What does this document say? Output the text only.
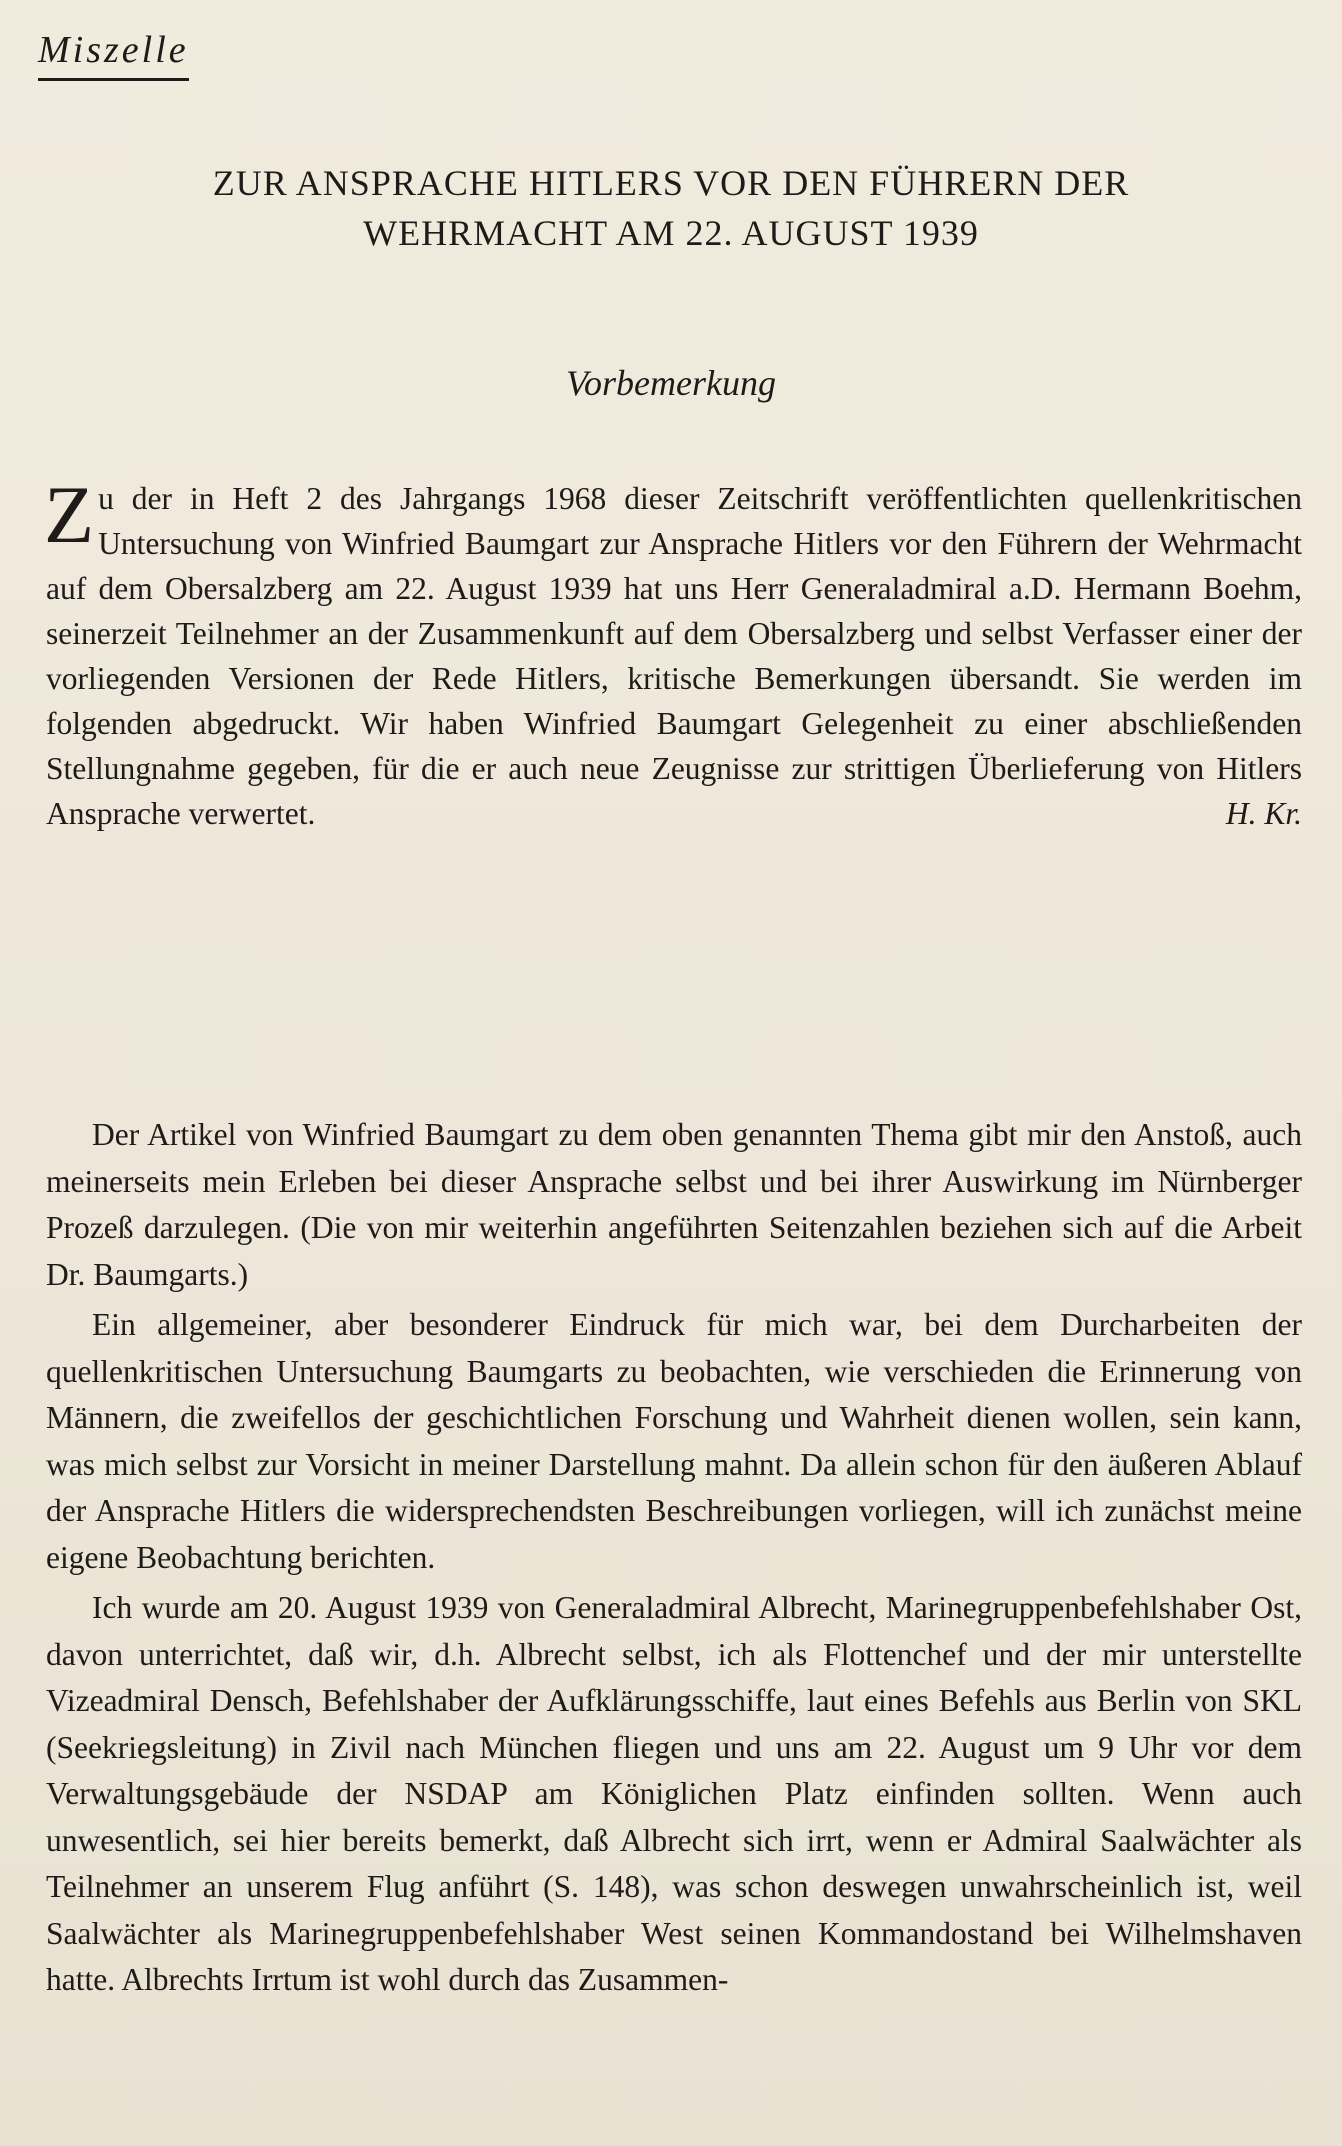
Miszelle
ZUR ANSPRACHE HITLERS VOR DEN FÜHRERN DER
WEHRMACHT AM 22. AUGUST 1939
Vorbemerkung
Z u der in Heft 2 des Jahrgangs 1968 dieser Zeitschrift veröffentlichten quellenkritischen Untersuchung von Winfried Baumgart zur Ansprache Hitlers vor den Führern der Wehrmacht auf dem Obersalzberg am 22. August 1939 hat uns Herr Generaladmiral a.D. Hermann Boehm, seinerzeit Teilnehmer an der Zusammenkunft auf dem Obersalzberg und selbst Verfasser einer der vorliegenden Versionen der Rede Hitlers, kritische Bemerkungen übersandt. Sie werden im folgenden abgedruckt. Wir haben Winfried Baumgart Gelegenheit zu einer abschließenden Stellungnahme gegeben, für die er auch neue Zeugnisse zur strittigen Überlieferung von Hitlers Ansprache verwertet.	H. Kr.

Der Artikel von Winfried Baumgart zu dem oben genannten Thema gibt mir den Anstoß, auch meinerseits mein Erleben bei dieser Ansprache selbst und bei ihrer Auswirkung im Nürnberger Prozeß darzulegen. (Die von mir weiterhin angeführten Seitenzahlen beziehen sich auf die Arbeit Dr. Baumgarts.)

Ein allgemeiner, aber besonderer Eindruck für mich war, bei dem Durcharbeiten der quellenkritischen Untersuchung Baumgarts zu beobachten, wie verschieden die Erinnerung von Männern, die zweifellos der geschichtlichen Forschung und Wahrheit dienen wollen, sein kann, was mich selbst zur Vorsicht in meiner Darstellung mahnt. Da allein schon für den äußeren Ablauf der Ansprache Hitlers die widersprechendsten Beschreibungen vorliegen, will ich zunächst meine eigene Beobachtung berichten.

Ich wurde am 20. August 1939 von Generaladmiral Albrecht, Marinegruppenbefehlshaber Ost, davon unterrichtet, daß wir, d.h. Albrecht selbst, ich als Flottenchef und der mir unterstellte Vizeadmiral Densch, Befehlshaber der Aufklärungsschiffe, laut eines Befehls aus Berlin von SKL (Seekriegsleitung) in Zivil nach München fliegen und uns am 22. August um 9 Uhr vor dem Verwaltungsgebäude der NSDAP am Königlichen Platz einfinden sollten. Wenn auch unwesentlich, sei hier bereits bemerkt, daß Albrecht sich irrt, wenn er Admiral Saalwächter als Teilnehmer an unserem Flug anführt (S. 148), was schon deswegen unwahrscheinlich ist, weil Saalwächter als Marinegruppenbefehlshaber West seinen Kommandostand bei Wilhelmshaven hatte. Albrechts Irrtum ist wohl durch das Zusammen-
